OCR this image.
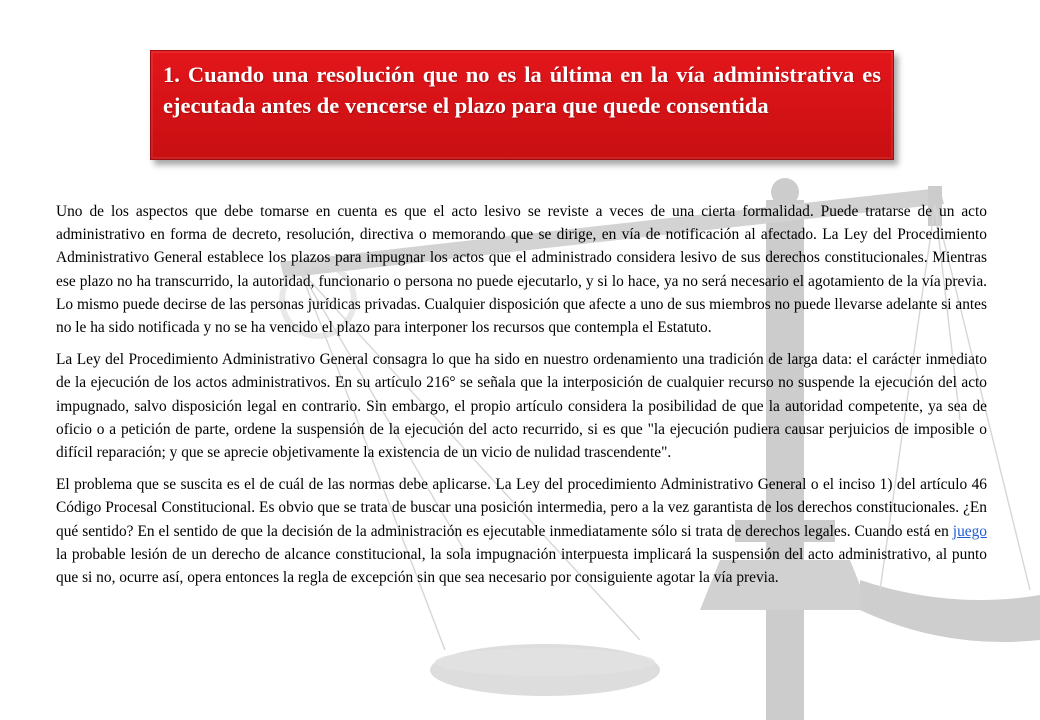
1. Cuando una resolución que no es la última en la vía administrativa es ejecutada antes de vencerse el plazo para que quede consentida

Uno de los aspectos que debe tomarse en cuenta es que el acto lesivo se reviste a veces de una cierta formalidad. Puede tratarse de un acto administrativo en forma de decreto, resolución, directiva o memorando que se dirige, en vía de notificación al afectado. La Ley del Procedimiento Administrativo General establece los plazos para impugnar los actos que el administrado considera lesivo de sus derechos constitucionales. Mientras ese plazo no ha transcurrido, la autoridad, funcionario o persona no puede ejecutarlo, y si lo hace, ya no será necesario el agotamiento de la vía previa. Lo mismo puede decirse de las personas jurídicas privadas. Cualquier disposición que afecte a uno de sus miembros no puede llevarse adelante si antes no le ha sido notificada y no se ha vencido el plazo para interponer los recursos que contempla el Estatuto.

La Ley del Procedimiento Administrativo General consagra lo que ha sido en nuestro ordenamiento una tradición de larga data: el carácter inmediato de la ejecución de los actos administrativos. En su artículo 216° se señala que la interposición de cualquier recurso no suspende la ejecución del acto impugnado, salvo disposición legal en contrario. Sin embargo, el propio artículo considera la posibilidad de que la autoridad competente, ya sea de oficio o a petición de parte, ordene la suspensión de la ejecución del acto recurrido, si es que "la ejecución pudiera causar perjuicios de imposible o difícil reparación; y que se aprecie objetivamente la existencia de un vicio de nulidad trascendente".

El problema que se suscita es el de cuál de las normas debe aplicarse. La Ley del procedimiento Administrativo General o el inciso 1) del artículo 46 Código Procesal Constitucional. Es obvio que se trata de buscar una posición intermedia, pero a la vez garantista de los derechos constitucionales. ¿En qué sentido? En el sentido de que la decisión de la administración es ejecutable inmediatamente sólo si trata de derechos legales. Cuando está en juego la probable lesión de un derecho de alcance constitucional, la sola impugnación interpuesta implicará la suspensión del acto administrativo, al punto que si no, ocurre así, opera entonces la regla de excepción sin que sea necesario por consiguiente agotar la vía previa.
